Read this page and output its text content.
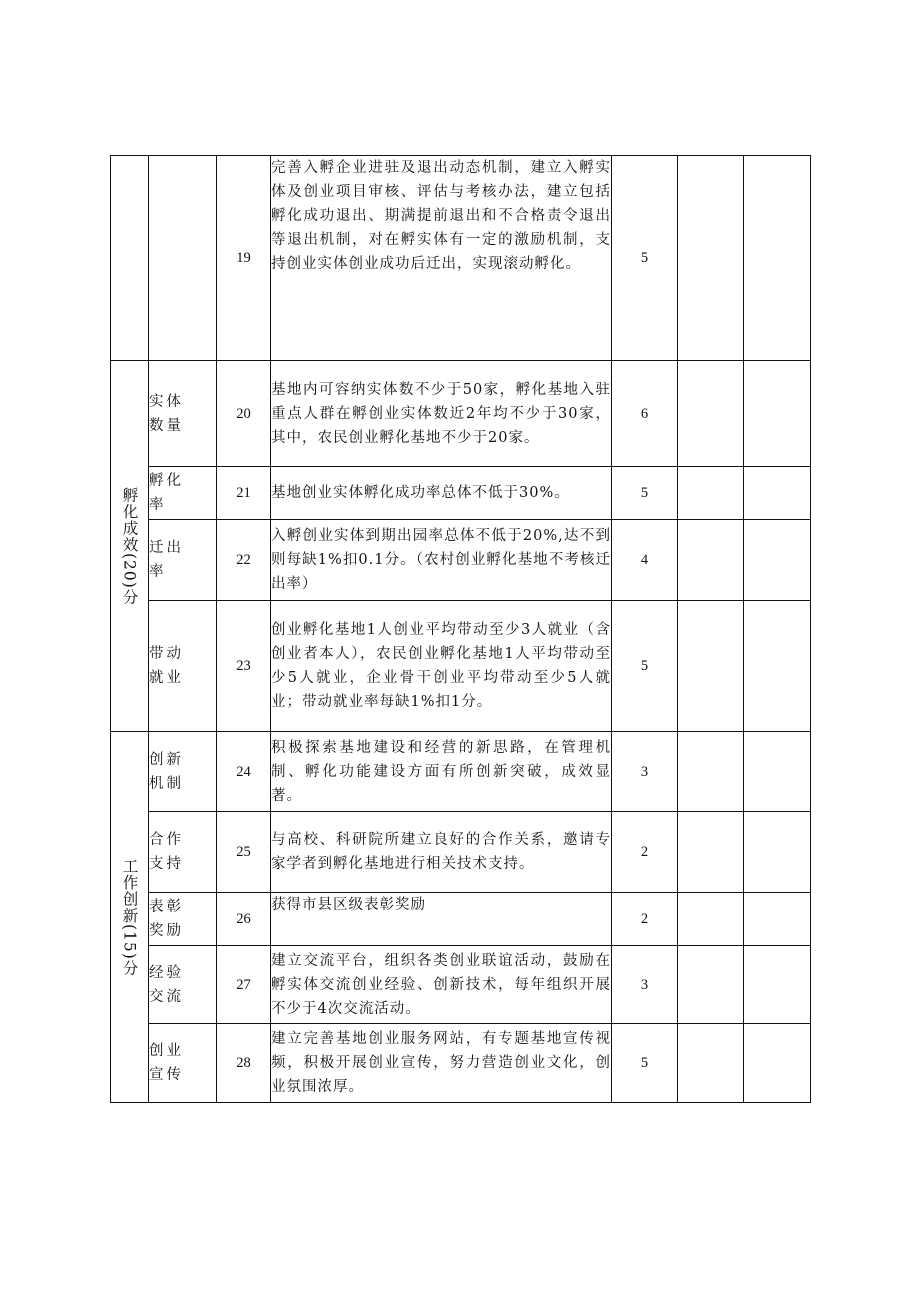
		19	完善入孵企业进驻及退出动态机制，建立入孵实体及创业项目审核、评估与考核办法，建立包括孵化成功退出、期满提前退出和不合格责令退出等退出机制，对在孵实体有一定的激励机制，支持创业实体创业成功后迁出，实现滚动孵化。	5		

孵化成效(20)分	实体数量	20	基地内可容纳实体数不少于50家，孵化基地入驻重点人群在孵创业实体数近2年均不少于30家，其中，农民创业孵化基地不少于20家。	6		

	孵化率	21	基地创业实体孵化成功率总体不低于30%。	5		

	迁出率	22	入孵创业实体到期出园率总体不低于20%,达不到则每缺1%扣0.1分。（农村创业孵化基地不考核迁出率）	4		

	带动就业	23	创业孵化基地1人创业平均带动至少3人就业（含创业者本人），农民创业孵化基地1人平均带动至少5人就业，企业骨干创业平均带动至少5人就业；带动就业率每缺1%扣1分。	5		

工作创新(15)分	创新机制	24	积极探索基地建设和经营的新思路，在管理机制、孵化功能建设方面有所创新突破，成效显著。	3		

	合作支持	25	与高校、科研院所建立良好的合作关系，邀请专家学者到孵化基地进行相关技术支持。	2		

	表彰奖励	26	获得市县区级表彰奖励	2		

	经验交流	27	建立交流平台，组织各类创业联谊活动，鼓励在孵实体交流创业经验、创新技术，每年组织开展不少于4次交流活动。	3		

	创业宣传	28	建立完善基地创业服务网站，有专题基地宣传视频，积极开展创业宣传，努力营造创业文化，创业氛围浓厚。	5		
